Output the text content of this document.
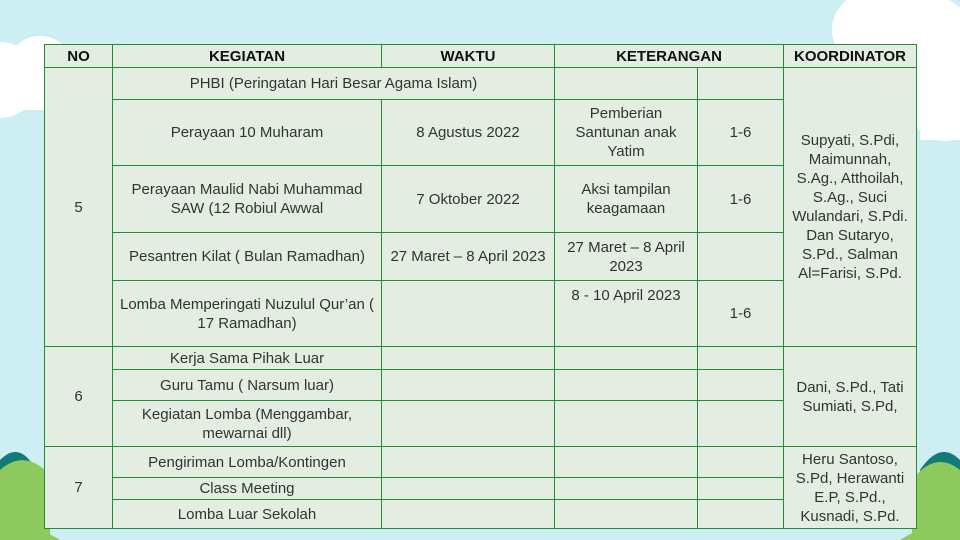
NO	KEGIATAN	WAKTU	KETERANGAN		KOORDINATOR
5	PHBI (Peringatan Hari Besar Agama Islam)				Supyati, S.Pdi, Maimunnah, S.Ag., Atthoilah, S.Ag., Suci Wulandari, S.Pdi. Dan Sutaryo, S.Pd., Salman Al=Farisi, S.Pd.
	Perayaan 10 Muharam	8 Agustus 2022	Pemberian Santunan anak Yatim	1-6	
	Perayaan Maulid Nabi Muhammad SAW (12 Robiul Awwal	7 Oktober 2022	Aksi tampilan keagamaan	1-6	
	Pesantren Kilat ( Bulan Ramadhan)	27 Maret – 8 April 2023	27 Maret – 8 April 2023		
	Lomba Memperingati Nuzulul Qur’an ( 17 Ramadhan)		8 - 10 April 2023	1-6	
6	Kerja Sama Pihak Luar				Dani, S.Pd., Tati Sumiati, S.Pd,
	Guru Tamu ( Narsum luar)				
	Kegiatan Lomba (Menggambar, mewarnai dll)				
7	Pengiriman Lomba/Kontingen				Heru Santoso, S.Pd, Herawanti E.P, S.Pd., Kusnadi, S.Pd.
	Class Meeting				
	Lomba Luar Sekolah				
